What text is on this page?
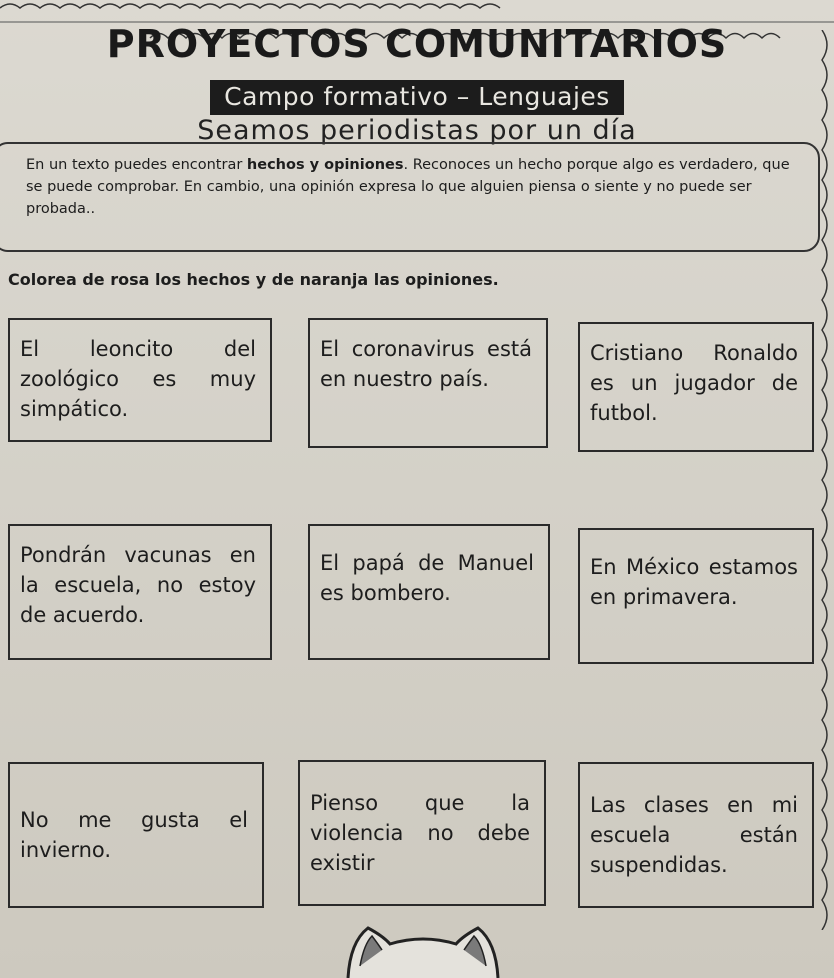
PROYECTOS COMUNITARIOS
Campo formativo – Lenguajes
Seamos periodistas por un día
En un texto puedes encontrar hechos y opiniones. Reconoces un hecho porque algo es verdadero, que se puede comprobar. En cambio, una opinión expresa lo que alguien piensa o siente y no puede ser probada..
Colorea de rosa los hechos y de naranja las opiniones.
El leoncito del zoológico es muy simpático.
El coronavirus está en nuestro país.
Cristiano Ronaldo es un jugador de futbol.
Pondrán vacunas en la escuela, no estoy de acuerdo.
El papá de Manuel es bombero.
En México estamos en primavera.
No me gusta el invierno.
Pienso que la violencia no debe existir
Las clases en mi escuela están suspendidas.
